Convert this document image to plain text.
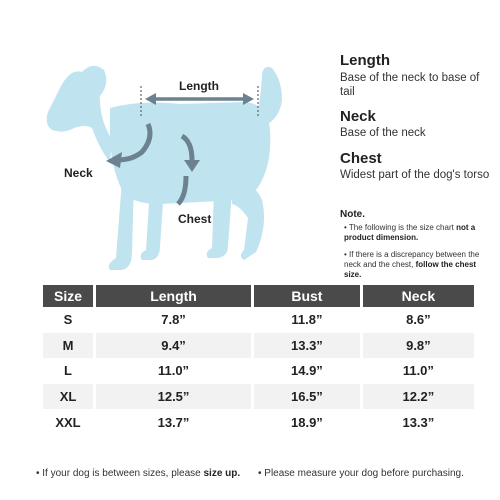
Length
Neck
Chest
Length
Base of the neck to base of tail
Neck
Base of the neck
Chest
Widest part of the dog's torso
Note.
• The following is the size chart not a product dimension.
• If there is a discrepancy between the neck and the chest, follow the chest size.
Size	Length	Bust	Neck
S	7.8”	11.8”	8.6”
M	9.4”	13.3”	9.8”
L	11.0”	14.9”	11.0”
XL	12.5”	16.5”	12.2”
XXL	13.7”	18.9”	13.3”
• If your dog is between sizes, please size up. • Please measure your dog before purchasing.
